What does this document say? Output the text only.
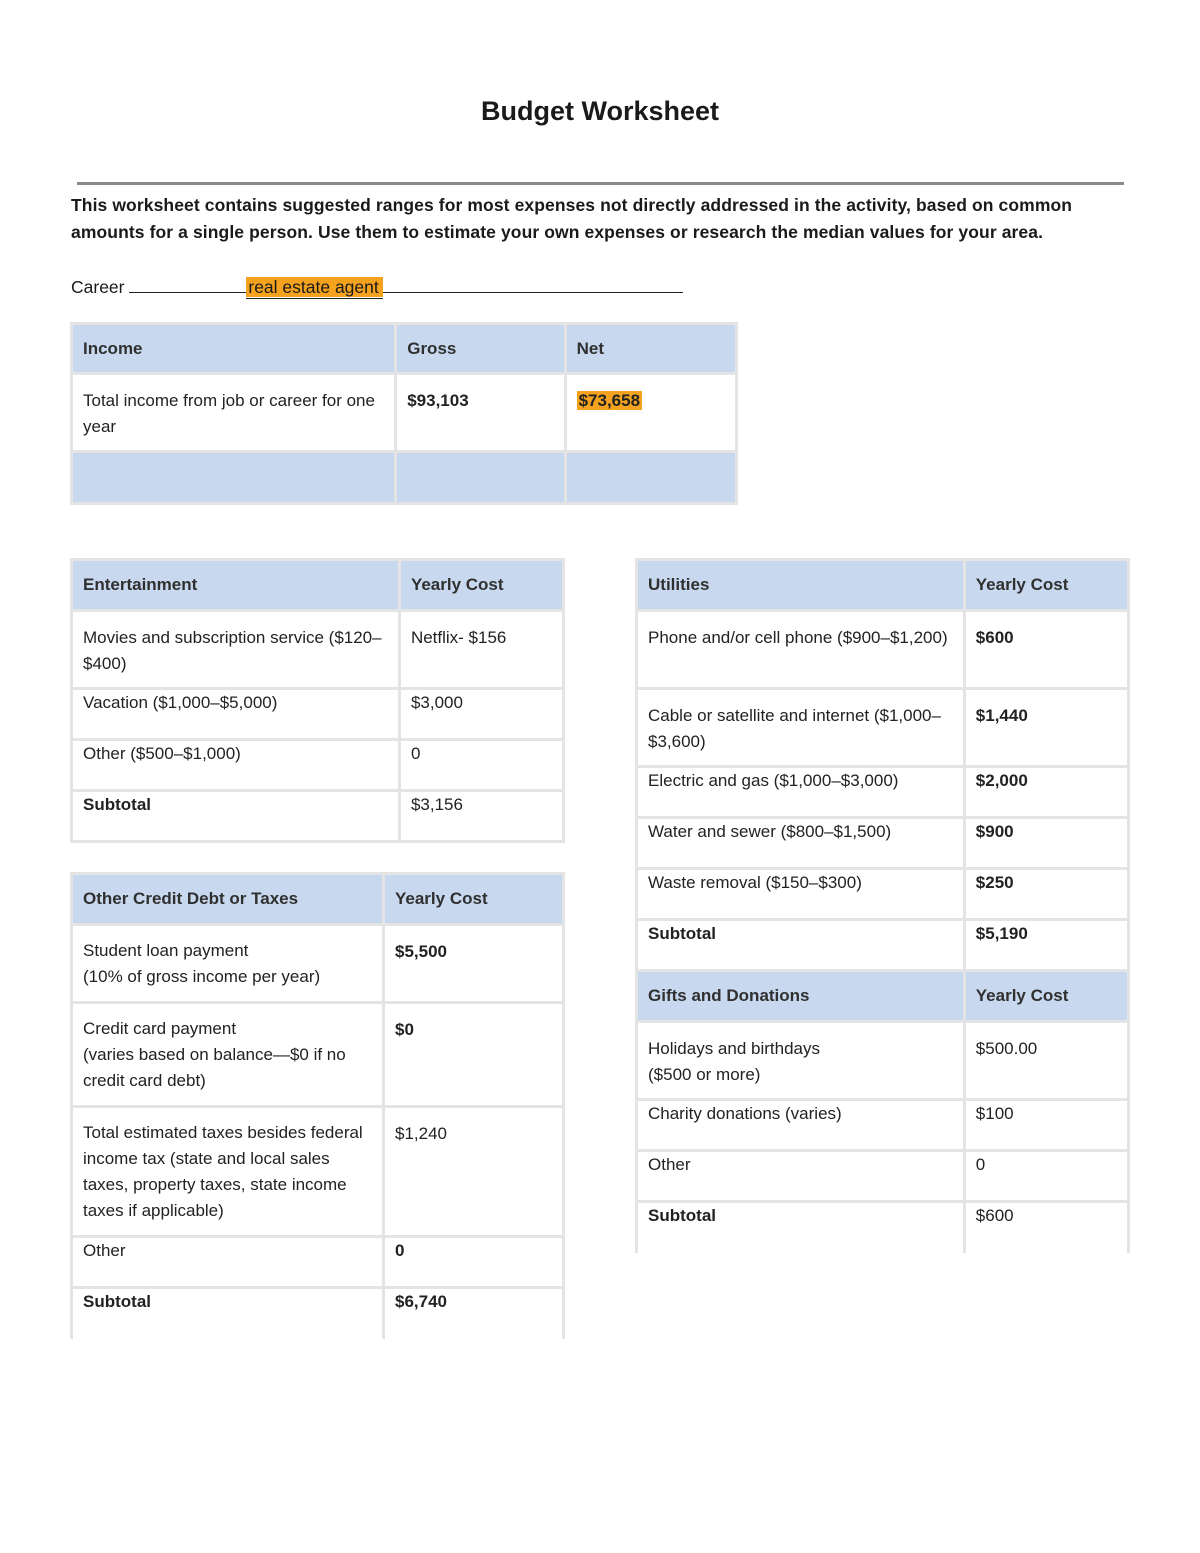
Budget Worksheet
This worksheet contains suggested ranges for most expenses not directly addressed in the activity, based on common amounts for a single person. Use them to estimate your own expenses or research the median values for your area.
Career	real estate agent
Income	Gross	Net

Total income from job or career for one year	$93,103	$73,658

Entertainment	Yearly Cost

Movies and subscription service ($120–$400)	Netflix- $156

Vacation ($1,000–$5,000)	$3,000
Other ($500–$1,000)	0
Subtotal	$3,156
Other Credit Debt or Taxes	Yearly Cost

Student loan payment
(10% of gross income per year)	$5,500

Credit card payment
(varies based on balance—$0 if no credit card debt)	$0

Total estimated taxes besides federal income tax (state and local sales taxes, property taxes, state income taxes if applicable)	$1,240

Other	0
Subtotal	$6,740
Utilities	Yearly Cost

Phone and/or cell phone ($900–$1,200)	$600

Cable or satellite and internet ($1,000–$3,600)	$1,440

Electric and gas ($1,000–$3,000)	$2,000
Water and sewer ($800–$1,500)	$900
Waste removal ($150–$300)	$250
Subtotal	$5,190
Gifts and Donations	Yearly Cost

Holidays and birthdays
($500 or more)	$500.00

Charity donations (varies)	$100
Other	0
Subtotal	$600
